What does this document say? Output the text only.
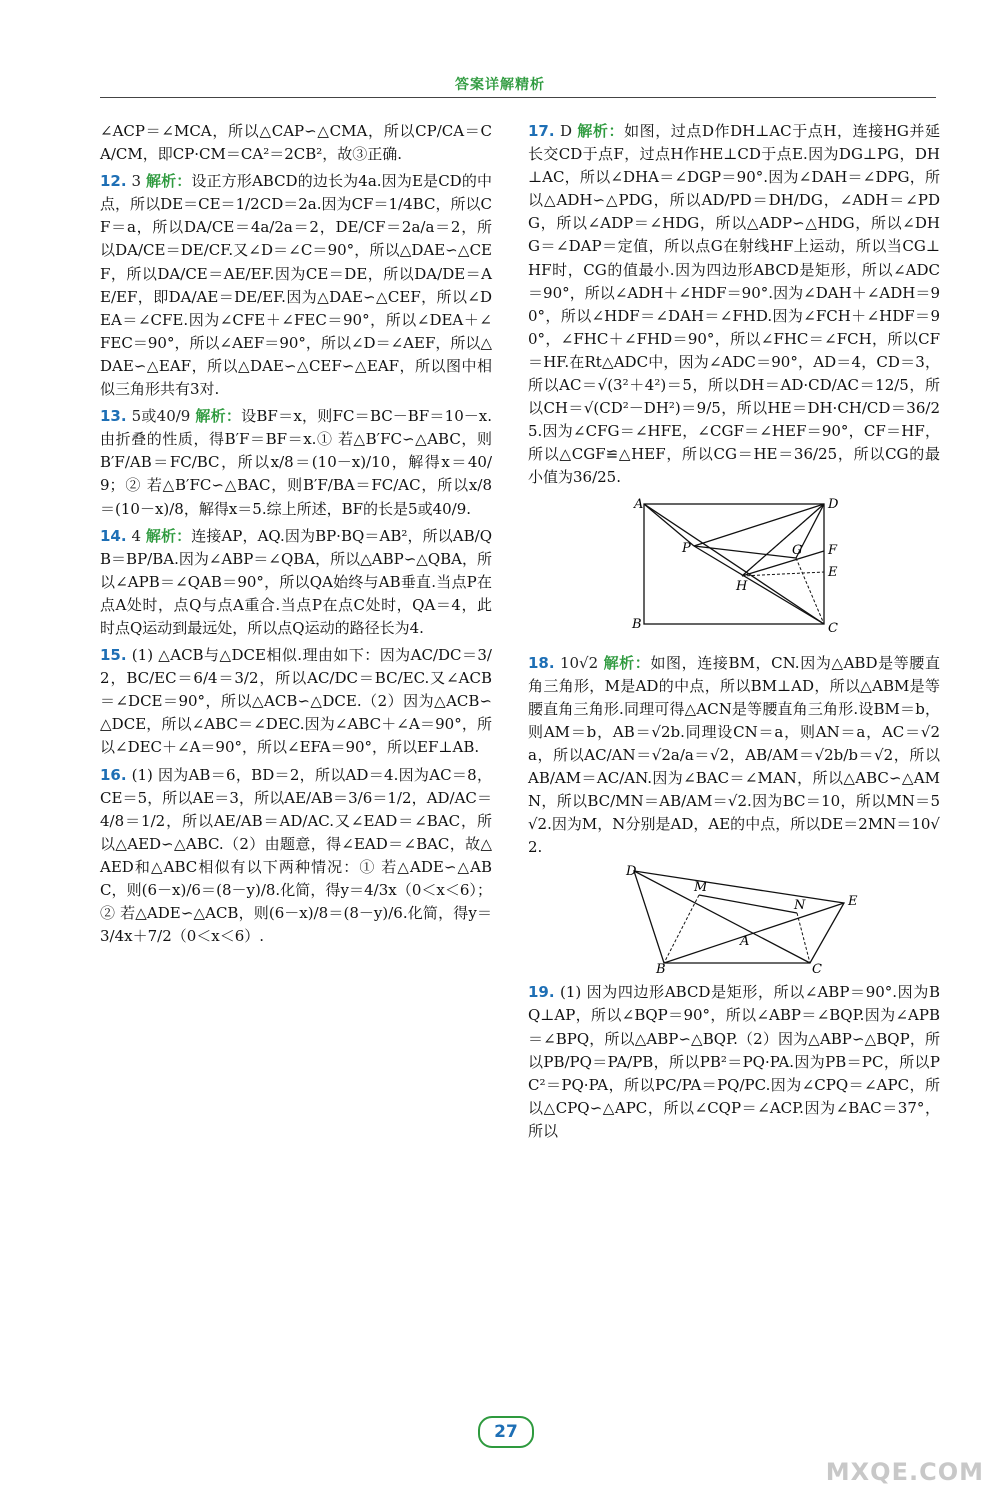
答案详解精析

∠ACP＝∠MCA，所以△CAP∽△CMA，所以CP/CA＝CA/CM，即CP·CM＝CA²＝2CB²，故③正确.

12. 3 解析：设正方形ABCD的边长为4a.因为E是CD的中点，所以DE＝CE＝1/2CD＝2a.因为CF＝1/4BC，所以CF＝a，所以DA/CE＝4a/2a＝2，DE/CF＝2a/a＝2，所以DA/CE＝DE/CF.又∠D＝∠C＝90°，所以△DAE∽△CEF，所以DA/CE＝AE/EF.因为CE＝DE，所以DA/DE＝AE/EF，即DA/AE＝DE/EF.因为△DAE∽△CEF，所以∠DEA＝∠CFE.因为∠CFE＋∠FEC＝90°，所以∠DEA＋∠FEC＝90°，所以∠AEF＝90°，所以∠D＝∠AEF，所以△DAE∽△EAF，所以△DAE∽△CEF∽△EAF，所以图中相似三角形共有3对.

13. 5或40/9 解析：设BF＝x，则FC＝BC－BF＝10－x.由折叠的性质，得B′F＝BF＝x.① 若△B′FC∽△ABC，则B′F/AB＝FC/BC，所以x/8＝(10－x)/10，解得x＝40/9；② 若△B′FC∽△BAC，则B′F/BA＝FC/AC，所以x/8＝(10－x)/8，解得x＝5.综上所述，BF的长是5或40/9.

14. 4 解析：连接AP，AQ.因为BP·BQ＝AB²，所以AB/QB＝BP/BA.因为∠ABP＝∠QBA，所以△ABP∽△QBA，所以∠APB＝∠QAB＝90°，所以QA始终与AB垂直.当点P在点A处时，点Q与点A重合.当点P在点C处时，QA＝4，此时点Q运动到最远处，所以点Q运动的路径长为4.

15. (1) △ACB与△DCE相似.理由如下：因为AC/DC＝3/2，BC/EC＝6/4＝3/2，所以AC/DC＝BC/EC.又∠ACB＝∠DCE＝90°，所以△ACB∽△DCE.（2）因为△ACB∽△DCE，所以∠ABC＝∠DEC.因为∠ABC＋∠A＝90°，所以∠DEC＋∠A＝90°，所以∠EFA＝90°，所以EF⊥AB.

16. (1) 因为AB＝6，BD＝2，所以AD＝4.因为AC＝8，CE＝5，所以AE＝3，所以AE/AB＝3/6＝1/2，AD/AC＝4/8＝1/2，所以AE/AB＝AD/AC.又∠EAD＝∠BAC，所以△AED∽△ABC.（2）由题意，得∠EAD＝∠BAC，故△AED和△ABC相似有以下两种情况：① 若△ADE∽△ABC，则(6－x)/6＝(8－y)/8.化简，得y＝4/3x（0＜x＜6）；② 若△ADE∽△ACB，则(6－x)/8＝(8－y)/6.化简，得y＝3/4x＋7/2（0＜x＜6）.

17. D 解析：如图，过点D作DH⊥AC于点H，连接HG并延长交CD于点F，过点H作HE⊥CD于点E.因为DG⊥PG，DH⊥AC，所以∠DHA＝∠DGP＝90°.因为∠DAH＝∠DPG，所以△ADH∽△PDG，所以AD/PD＝DH/DG，∠ADH＝∠PDG，所以∠ADP＝∠HDG，所以△ADP∽△HDG，所以∠DHG＝∠DAP＝定值，所以点G在射线HF上运动，所以当CG⊥HF时，CG的值最小.因为四边形ABCD是矩形，所以∠ADC＝90°，所以∠ADH＋∠HDF＝90°.因为∠DAH＋∠ADH＝90°，所以∠HDF＝∠DAH＝∠FHD.因为∠FCH＋∠HDF＝90°，∠FHC＋∠FHD＝90°，所以∠FHC＝∠FCH，所以CF＝HF.在Rt△ADC中，因为∠ADC＝90°，AD＝4，CD＝3，所以AC＝√(3²＋4²)＝5，所以DH＝AD·CD/AC＝12/5，所以CH＝√(CD²－DH²)＝9/5，所以HE＝DH·CH/CD＝36/25.因为∠CFG＝∠HFE，∠CGF＝∠HEF＝90°，CF＝HF，所以△CGF≌△HEF，所以CG＝HE＝36/25，所以CG的最小值为36/25.

A	D
P	G F
H
E
B	C

18. 10√2 解析：如图，连接BM，CN.因为△ABD是等腰直角三角形，M是AD的中点，所以BM⊥AD，所以△ABM是等腰直角三角形.同理可得△ACN是等腰直角三角形.设BM＝b，则AM＝b，AB＝√2b.同理设CN＝a，则AN＝a，AC＝√2a，所以AC/AN＝√2a/a＝√2，AB/AM＝√2b/b＝√2，所以AB/AM＝AC/AN.因为∠BAC＝∠MAN，所以△ABC∽△AMN，所以BC/MN＝AB/AM＝√2.因为BC＝10，所以MN＝5√2.因为M，N分别是AD，AE的中点，所以DE＝2MN＝10√2.

D
M
N	E
A
B	C

19. (1) 因为四边形ABCD是矩形，所以∠ABP＝90°.因为BQ⊥AP，所以∠BQP＝90°，所以∠ABP＝∠BQP.因为∠APB＝∠BPQ，所以△ABP∽△BQP.（2）因为△ABP∽△BQP，所以PB/PQ＝PA/PB，所以PB²＝PQ·PA.因为PB＝PC，所以PC²＝PQ·PA，所以PC/PA＝PQ/PC.因为∠CPQ＝∠APC，所以△CPQ∽△APC，所以∠CQP＝∠ACP.因为∠BAC＝37°，所以

27
MXQE.COM
